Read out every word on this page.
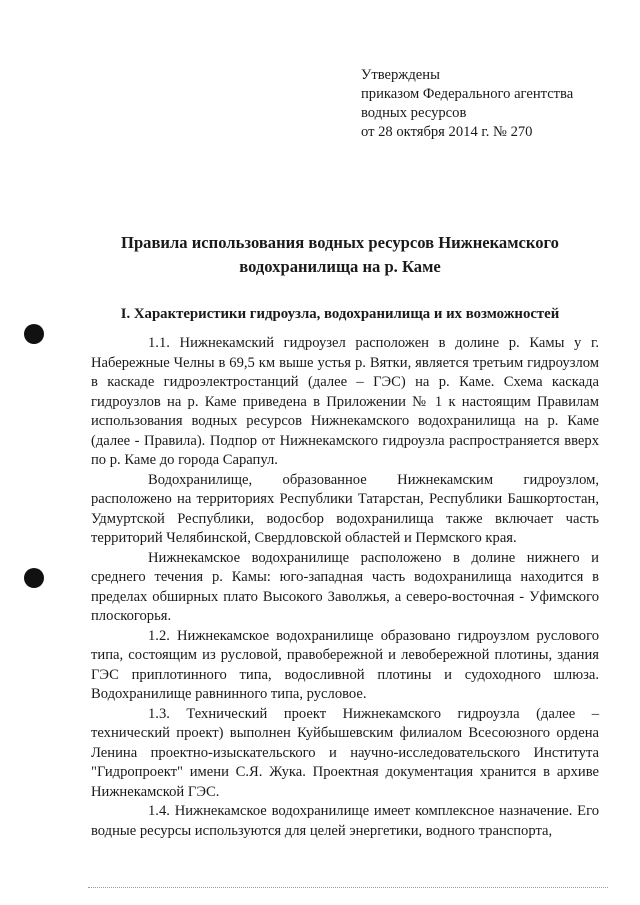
Утверждены
приказом Федерального агентства
водных ресурсов
от 28 октября 2014 г. № 270
Правила использования водных ресурсов Нижнекамского
водохранилища на р. Каме
I. Характеристики гидроузла, водохранилища и их возможностей

1.1. Нижнекамский гидроузел расположен в долине р. Камы у г. Набережные Челны в 69,5 км выше устья р. Вятки, является третьим гидроузлом в каскаде гидроэлектростанций (далее – ГЭС) на р. Каме. Схема каскада гидроузлов на р. Каме приведена в Приложении № 1 к настоящим Правилам использования водных ресурсов Нижнекамского водохранилища на р. Каме (далее - Правила). Подпор от Нижнекамского гидроузла распространяется вверх по р. Каме до города Сарапул.

Водохранилище, образованное Нижнекамским гидроузлом, расположено на территориях Республики Татарстан, Республики Башкортостан, Удмуртской Республики, водосбор водохранилища также включает часть территорий Челябинской, Свердловской областей и Пермского края.

Нижнекамское водохранилище расположено в долине нижнего и среднего течения р. Камы: юго-западная часть водохранилища находится в пределах обширных плато Высокого Заволжья, а северо-восточная - Уфимского плоскогорья.

1.2. Нижнекамское водохранилище образовано гидроузлом руслового типа, состоящим из русловой, правобережной и левобережной плотины, здания ГЭС приплотинного типа, водосливной плотины и судоходного шлюза. Водохранилище равнинного типа, русловое.

1.3. Технический проект Нижнекамского гидроузла (далее – технический проект) выполнен Куйбышевским филиалом Всесоюзного ордена Ленина проектно-изыскательского и научно-исследовательского Института "Гидропроект" имени С.Я. Жука. Проектная документация хранится в архиве Нижнекамской ГЭС.

1.4. Нижнекамское водохранилище имеет комплексное назначение. Его водные ресурсы используются для целей энергетики, водного транспорта,
